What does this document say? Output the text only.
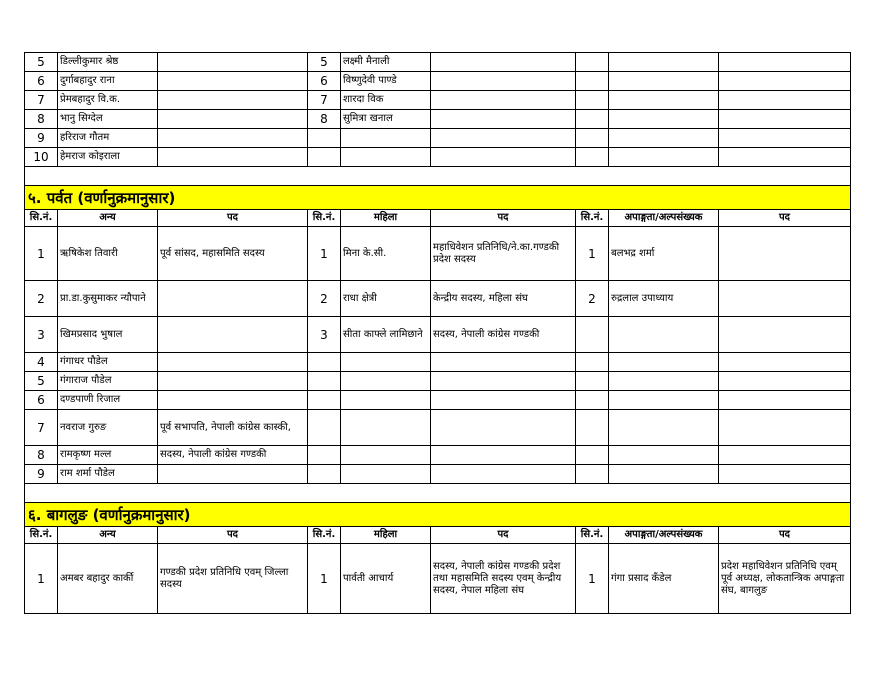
5	डिल्लीकुमार श्रेष्ठ		5	लक्ष्मी मैनाली				
6	दुर्गाबहादुर राना		6	विष्णुदेवी पाण्डे				
7	प्रेमबहादुर वि.क.		7	शारदा विक				
8	भानु सिग्देल		8	सुमित्रा खनाल				
9	हरिराज गौतम							
10	हेमराज कोइराला							

५. पर्वत (वर्णानुक्रमानुसार)								
सि.नं.	अन्य	पद	सि.नं.	महिला	पद	सि.नं.	अपाङ्गता/अल्पसंख्यक	पद
1	ऋषिकेश तिवारी	पूर्व सांसद, महासमिति सदस्य	1	मिना के.सी.	महाधिवेशन प्रतिनिधि/ने.का.गण्डकी प्रदेश सदस्य	1	बलभद्र शर्मा	
2	प्रा.डा.कुसुमाकर न्यौपाने		2	राधा क्षेत्री	केन्द्रीय सदस्य, महिला संघ	2	रुद्रलाल उपाध्याय	
3	खिमप्रसाद भुषाल		3	सीता काफ्ले लामिछाने	सदस्य, नेपाली कांग्रेस गण्डकी			
4	गंगाधर पौडेल							
5	गंगाराज पौडेल							
6	दण्डपाणी रिजाल							
7	नवराज गुरुङ	पूर्व सभापति, नेपाली कांग्रेस कास्की,						
8	रामकृष्ण मल्ल	सदस्य, नेपाली कांग्रेस गण्डकी						
9	राम शर्मा पौडेल							

६. बागलुङ (वर्णानुक्रमानुसार)								
सि.नं.	अन्य	पद	सि.नं.	महिला	पद	सि.नं.	अपाङ्गता/अल्पसंख्यक	पद
1	अमबर बहादुर कार्की	गण्डकी प्रदेश प्रतिनिधि एवम् जिल्ला सदस्य	1	पार्वती आचार्य	सदस्य, नेपाली कांग्रेस गण्डकी प्रदेश तथा महासमिति सदस्य एवम् केन्द्रीय सदस्य, नेपाल महिला संघ	1	गंगा प्रसाद कँडेल	प्रदेश महाधिवेशन प्रतिनिधि एवम् पूर्व अध्यक्ष, लोकतान्त्रिक अपाङ्गता संघ, बागलुङ
